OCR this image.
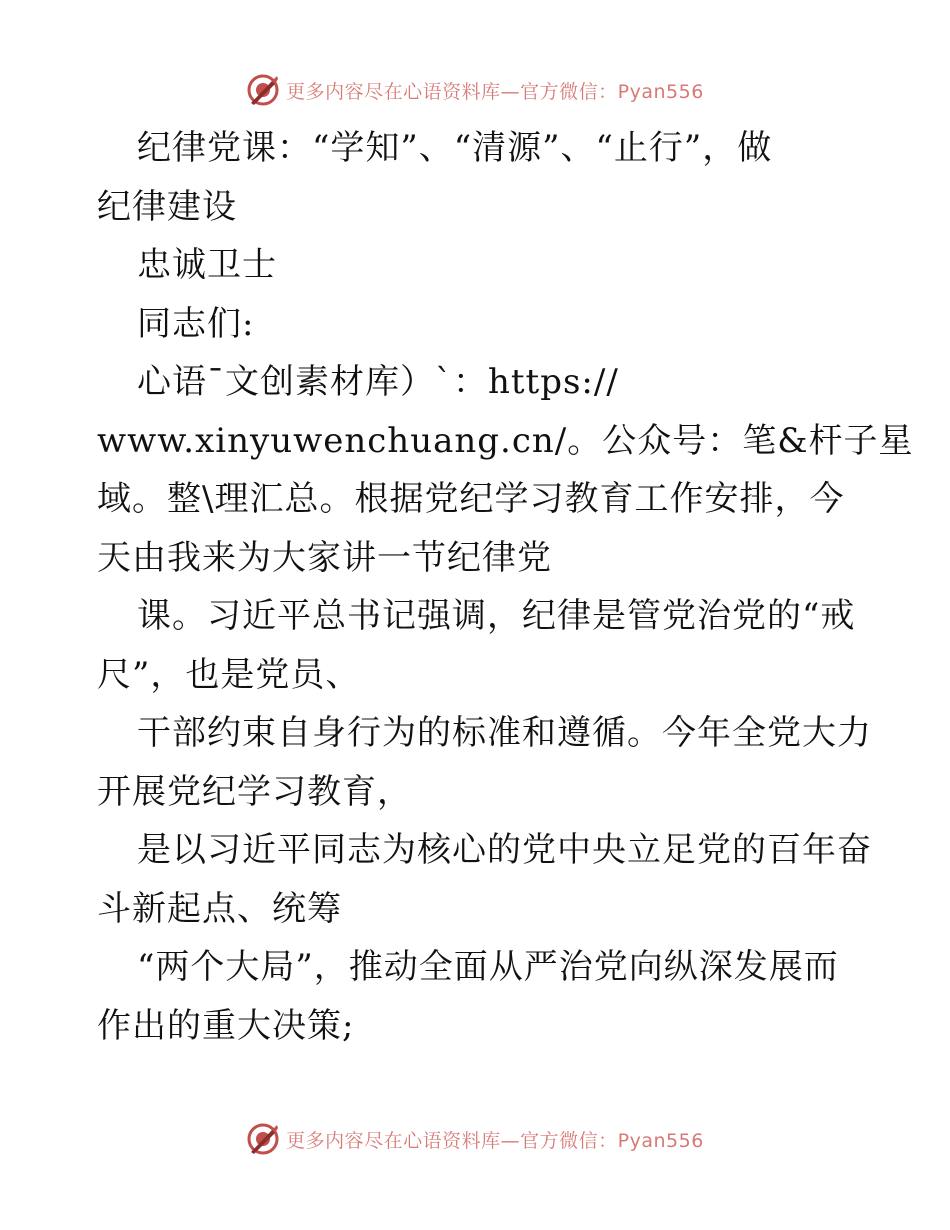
更多内容尽在心语资料库—官方微信：Pyan556
纪律党课：“学知”、“清源”、“止行”，做
纪律建设
忠诚卫士
同志们:
心语¯文创素材库）`：https://
www.xinyuwenchuang.cn/。公众号：笔&杆子星
域。整\理汇总。根据党纪学习教育工作安排，今
天由我来为大家讲一节纪律党
课。习近平总书记强调，纪律是管党治党的“戒
尺”，也是党员、
干部约束自身行为的标准和遵循。今年全党大力
开展党纪学习教育，
是以习近平同志为核心的党中央立足党的百年奋
斗新起点、统筹
“两个大局”，推动全面从严治党向纵深发展而
作出的重大决策;
更多内容尽在心语资料库—官方微信：Pyan556
